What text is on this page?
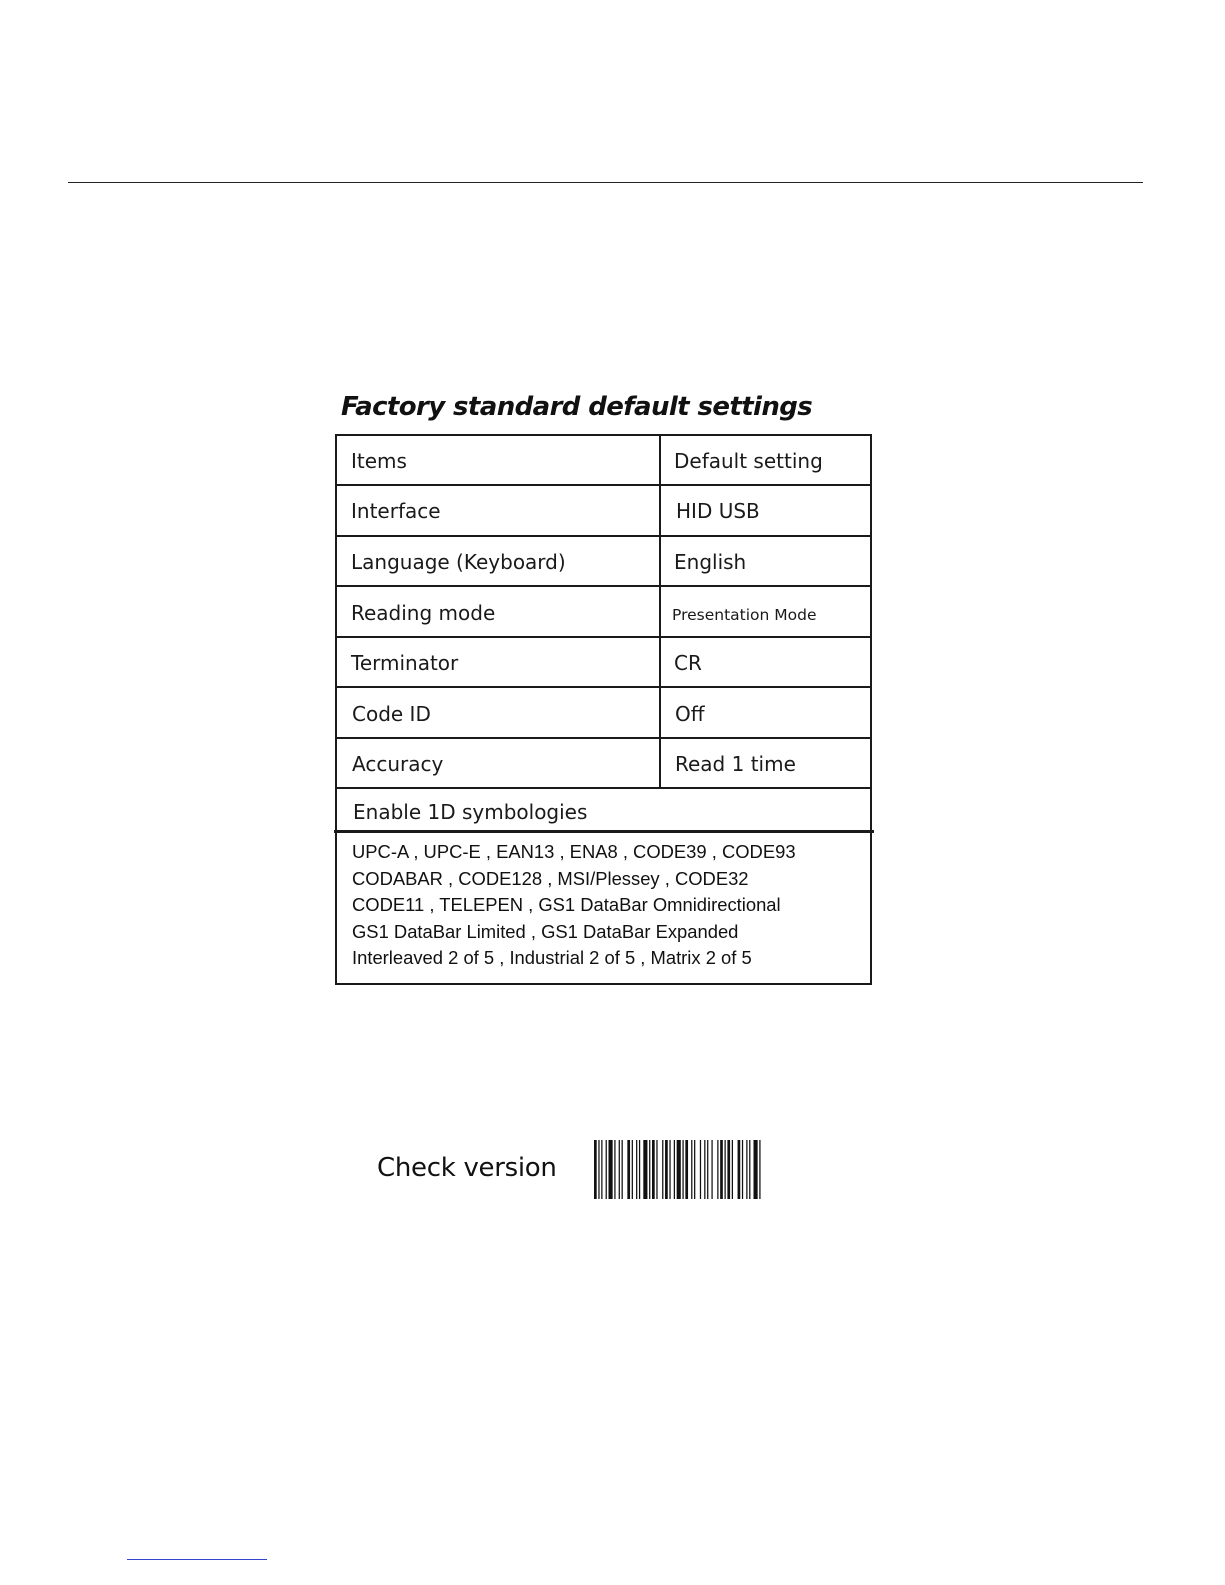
Factory standard default settings
Items	Default setting
Interface	HID USB
Language (Keyboard)	English
Reading mode	Presentation Mode
Terminator	CR
Code ID	Off
Accuracy	Read 1 time
Enable 1D symbologies
UPC-A , UPC-E , EAN13 , ENA8 , CODE39 , CODE93
CODABAR , CODE128 , MSI/Plessey , CODE32
CODE11 , TELEPEN , GS1 DataBar Omnidirectional
GS1 DataBar Limited , GS1 DataBar Expanded
Interleaved 2 of 5 , Industrial 2 of 5 , Matrix 2 of 5
Check version
